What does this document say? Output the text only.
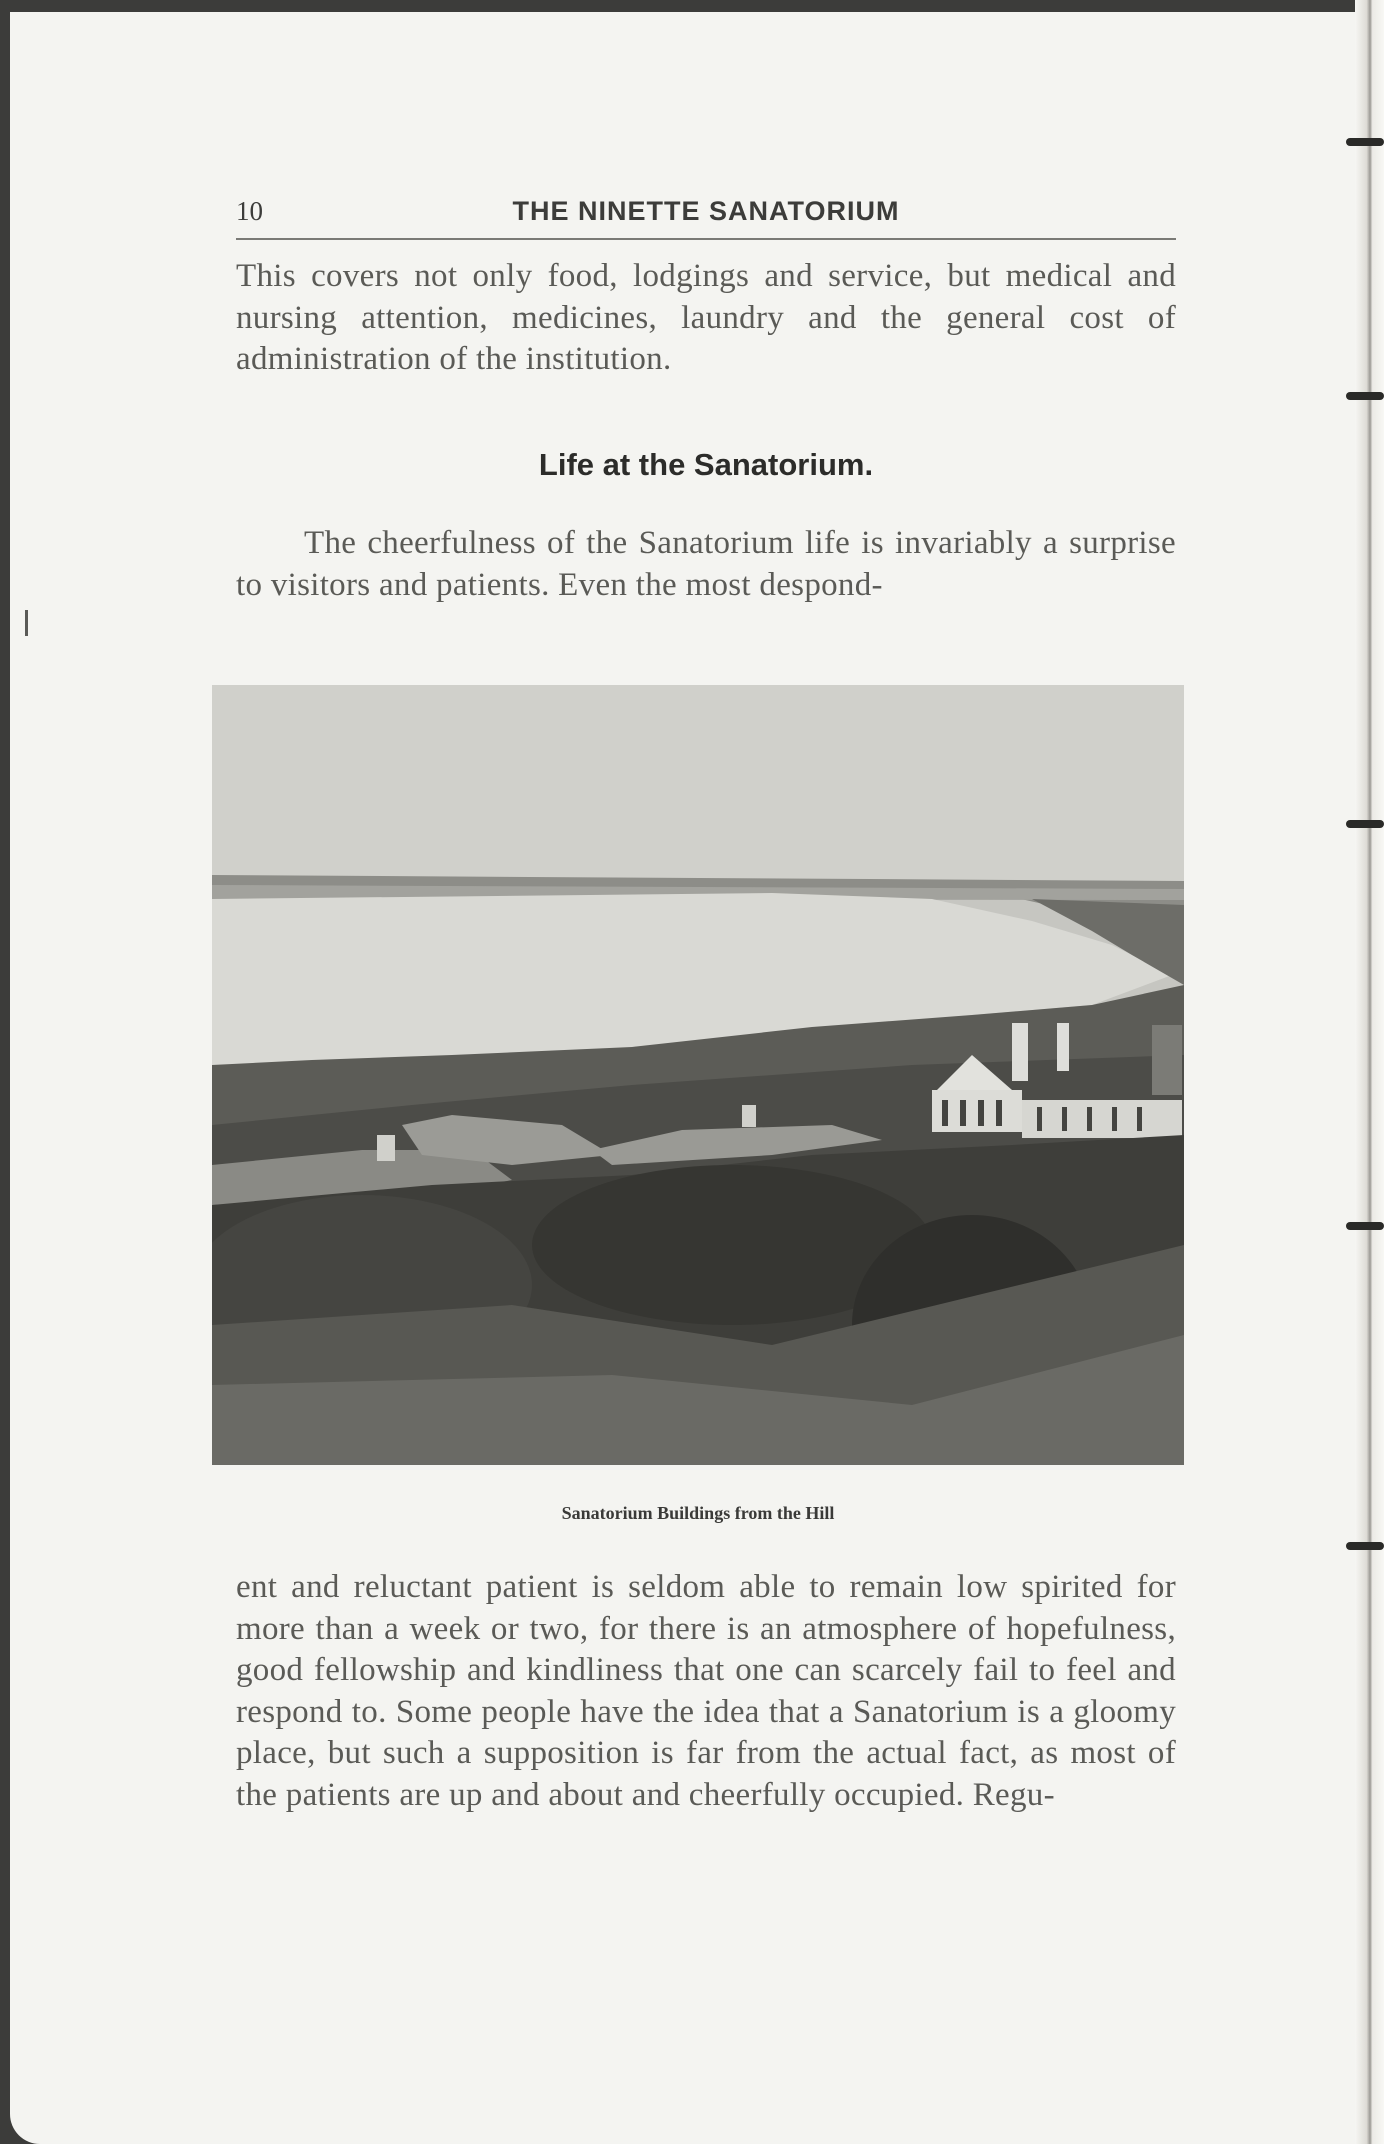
10	THE NINETTE SANATORIUM

This covers not only food, lodgings and service, but medical and nursing attention, medicines, laundry and the general cost of administration of the institution.

Life at the Sanatorium.

The cheerfulness of the Sanatorium life is invariably a surprise to visitors and patients. Even the most despond-

Sanatorium Buildings from the Hill

ent and reluctant patient is seldom able to remain low spirited for more than a week or two, for there is an atmosphere of hopefulness, good fellowship and kindliness that one can scarcely fail to feel and respond to. Some people have the idea that a Sanatorium is a gloomy place, but such a supposition is far from the actual fact, as most of the patients are up and about and cheerfully occupied. Regu-
